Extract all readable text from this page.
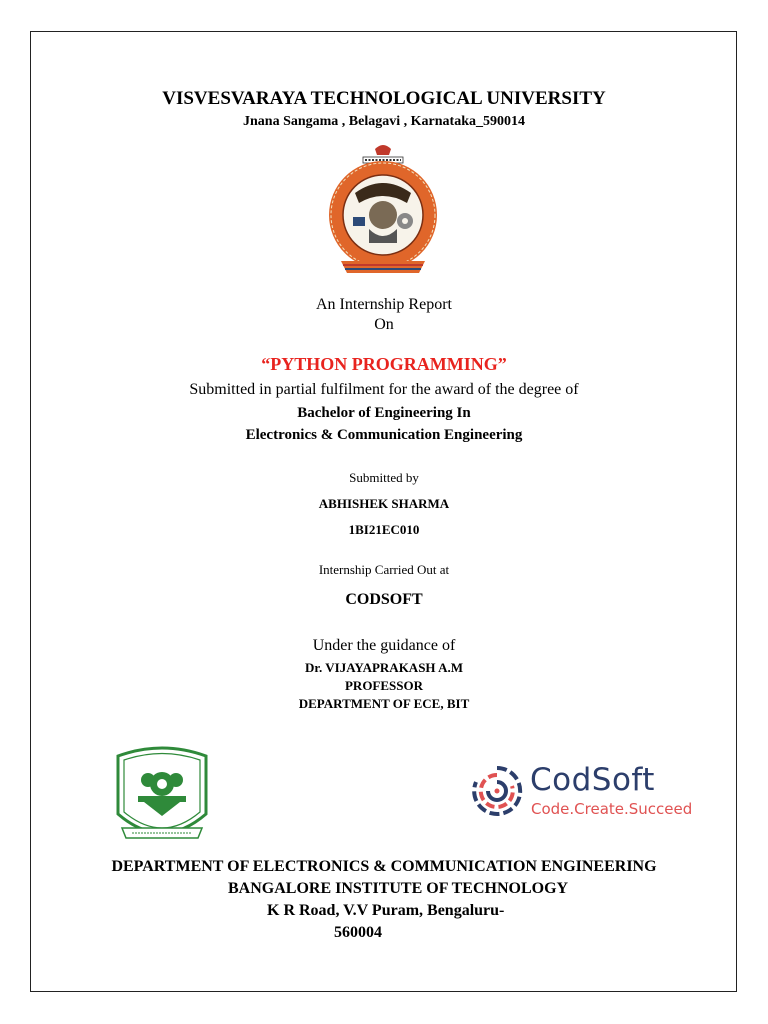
VISVESVARAYA TECHNOLOGICAL UNIVERSITY
Jnana Sangama , Belagavi , Karnataka_590014
An Internship Report
On
“PYTHON PROGRAMMING”
Submitted in partial fulfilment for the award of the degree of
Bachelor of Engineering In
Electronics & Communication Engineering
Submitted by
ABHISHEK SHARMA
1BI21EC010
Internship Carried Out at
CODSOFT
Under the guidance of
Dr. VIJAYAPRAKASH A.M
PROFESSOR
DEPARTMENT OF ECE, BIT
CodSoft
Code.Create.Succeed
DEPARTMENT OF ELECTRONICS & COMMUNICATION ENGINEERING
BANGALORE INSTITUTE OF TECHNOLOGY
K R Road, V.V Puram, Bengaluru-
560004
